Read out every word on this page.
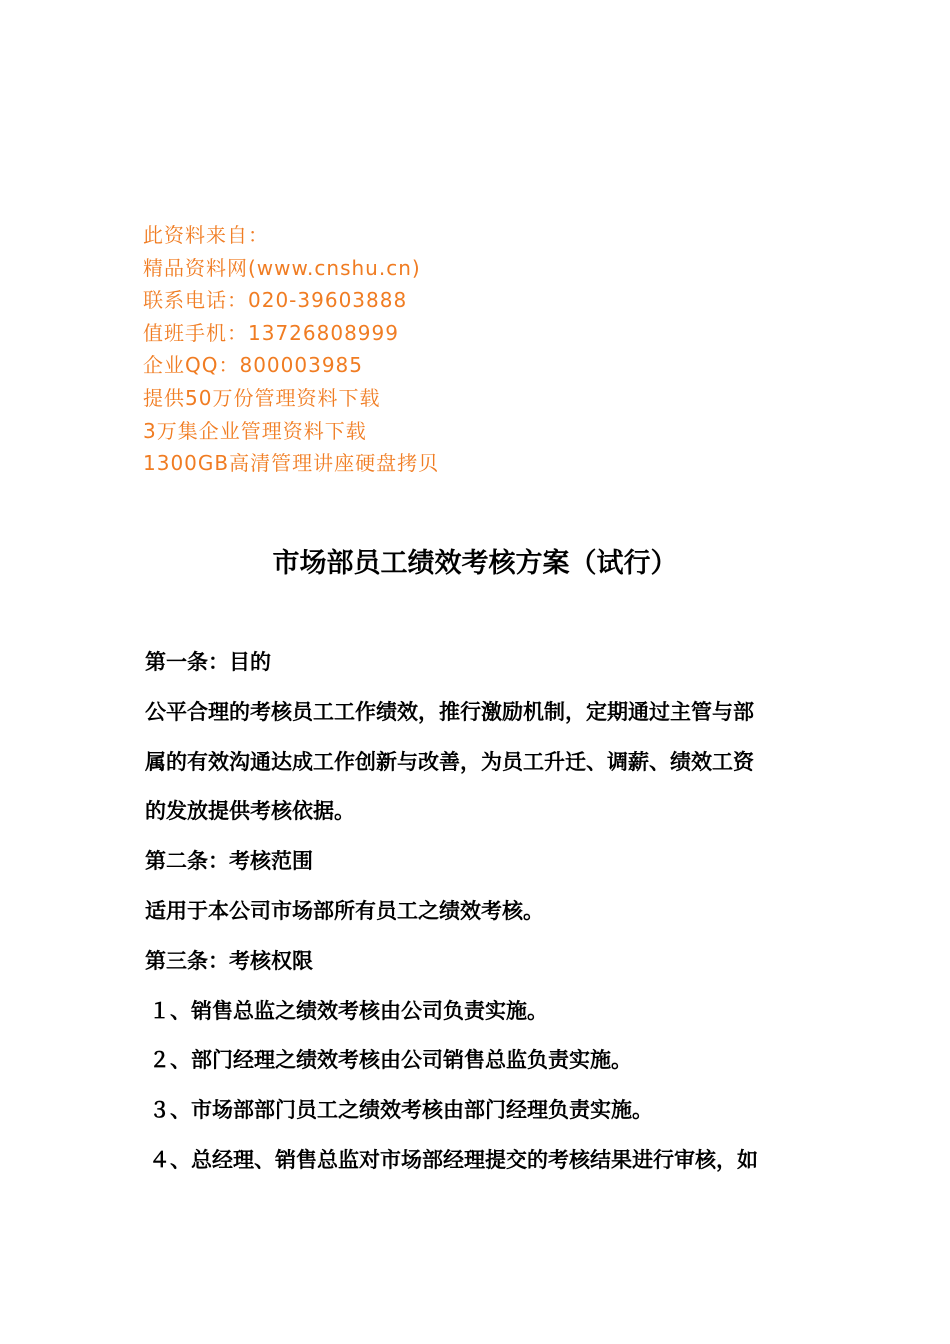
此资料来自：
精品资料网(www.cnshu.cn)
联系电话：020-39603888
值班手机：13726808999
企业QQ：800003985
提供50万份管理资料下载
3万集企业管理资料下载
1300GB高清管理讲座硬盘拷贝
市场部员工绩效考核方案（试行）
第一条：目的
公平合理的考核员工工作绩效，推行激励机制，定期通过主管与部
属的有效沟通达成工作创新与改善，为员工升迁、调薪、绩效工资
的发放提供考核依据。
第二条：考核范围
适用于本公司市场部所有员工之绩效考核。
第三条：考核权限
１、销售总监之绩效考核由公司负责实施。
２、部门经理之绩效考核由公司销售总监负责实施。
３、市场部部门员工之绩效考核由部门经理负责实施。
４、总经理、销售总监对市场部经理提交的考核结果进行审核，如
